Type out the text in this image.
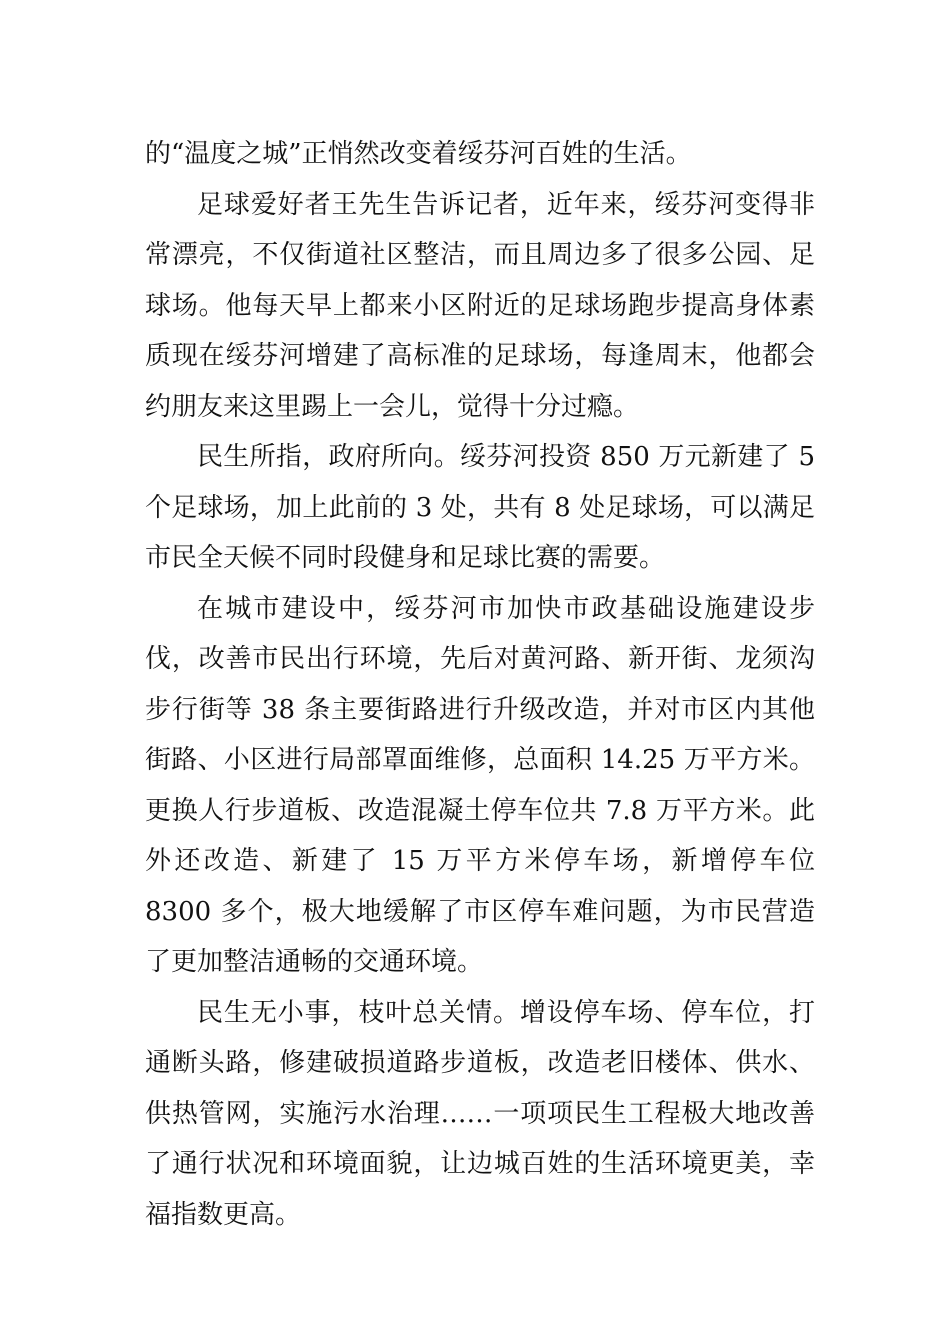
的“温度之城”正悄然改变着绥芬河百姓的生活。

足球爱好者王先生告诉记者，近年来，绥芬河变得非常漂亮，不仅街道社区整洁，而且周边多了很多公园、足球场。他每天早上都来小区附近的足球场跑步提高身体素质现在绥芬河增建了高标准的足球场，每逢周末，他都会约朋友来这里踢上一会儿，觉得十分过瘾。

民生所指，政府所向。绥芬河投资 850 万元新建了 5 个足球场，加上此前的 3 处，共有 8 处足球场，可以满足市民全天候不同时段健身和足球比赛的需要。

在城市建设中，绥芬河市加快市政基础设施建设步伐，改善市民出行环境，先后对黄河路、新开街、龙须沟步行街等 38 条主要街路进行升级改造，并对市区内其他街路、小区进行局部罩面维修，总面积 14.25 万平方米。更换人行步道板、改造混凝土停车位共 7.8 万平方米。此外还改造、新建了 15 万平方米停车场，新增停车位 8300 多个，极大地缓解了市区停车难问题，为市民营造了更加整洁通畅的交通环境。

民生无小事，枝叶总关情。增设停车场、停车位，打通断头路，修建破损道路步道板，改造老旧楼体、供水、供热管网，实施污水治理……一项项民生工程极大地改善了通行状况和环境面貌，让边城百姓的生活环境更美，幸福指数更高。
